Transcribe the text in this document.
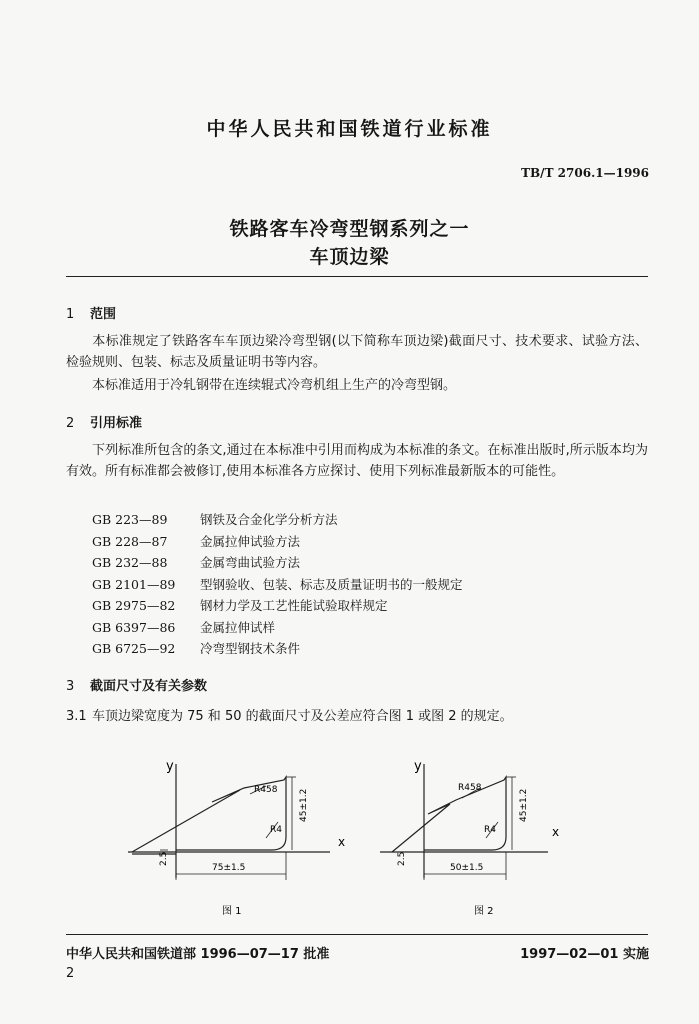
中华人民共和国铁道行业标准
TB/T 2706.1—1996
铁路客车冷弯型钢系列之一
车顶边梁
1 范围
本标准规定了铁路客车车顶边梁冷弯型钢(以下简称车顶边梁)截面尺寸、技术要求、试验方法、检验规则、包装、标志及质量证明书等内容。
本标准适用于冷轧钢带在连续辊式冷弯机组上生产的冷弯型钢。
2 引用标准
下列标准所包含的条文,通过在本标准中引用而构成为本标准的条文。在标准出版时,所示版本均为有效。所有标准都会被修订,使用本标准各方应探讨、使用下列标准最新版本的可能性。
GB 223—89	钢铁及合金化学分析方法
GB 228—87	金属拉伸试验方法
GB 232—88	金属弯曲试验方法
GB 2101—89 型钢验收、包装、标志及质量证明书的一般规定
GB 2975—82 钢材力学及工艺性能试验取样规定
GB 6397—86 金属拉伸试样
GB 6725—92 冷弯型钢技术条件
3 截面尺寸及有关参数
3.1 车顶边梁宽度为 75 和 50 的截面尺寸及公差应符合图 1 或图 2 的规定。
y
x
R458
R4
45±1.2
75±1.5
2.5
图 1
y
x
R458
R4
45±1.2
50±1.5
2.5
图 2
中华人民共和国铁道部 1996—07—17 批准	1997—02—01 实施
2
